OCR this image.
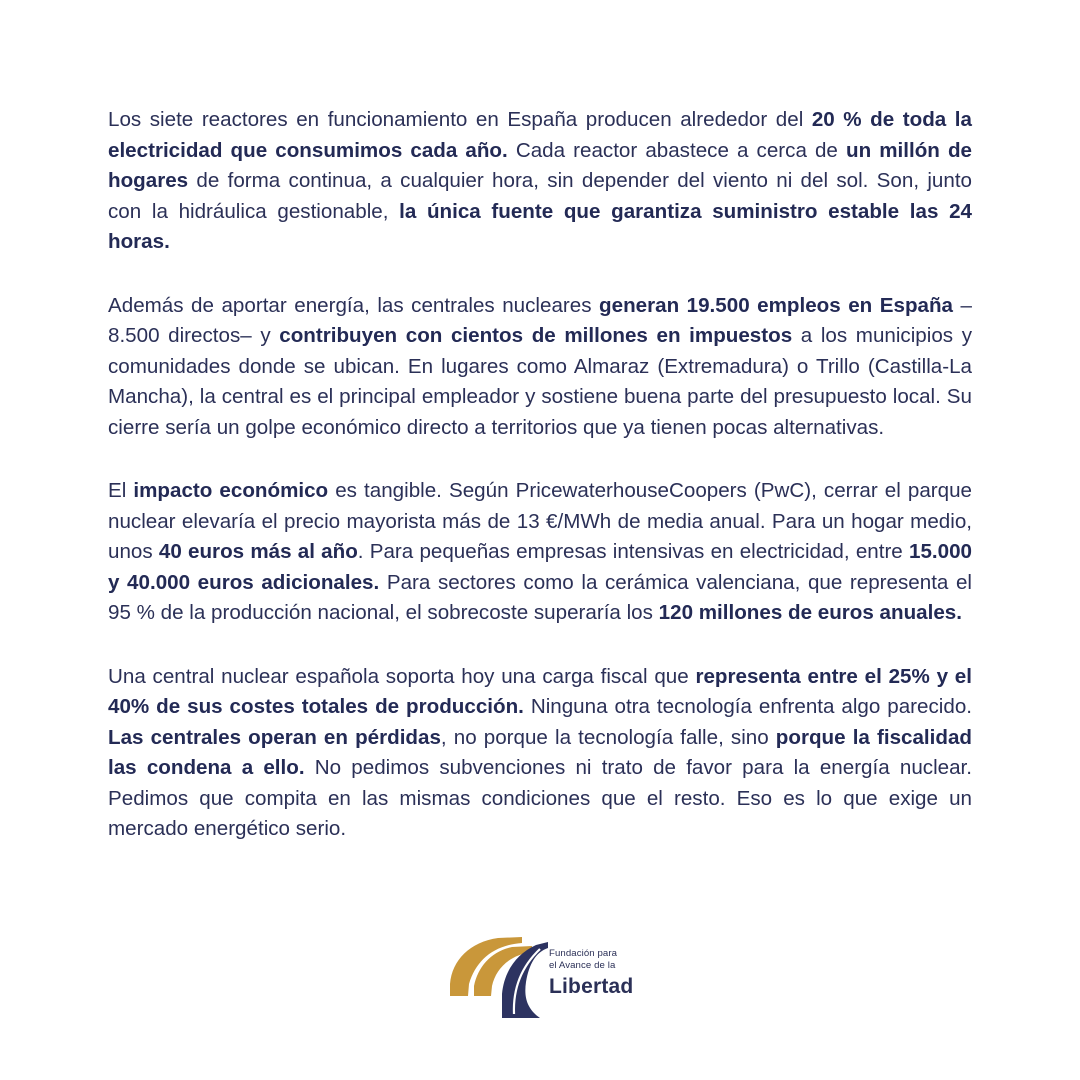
Los siete reactores en funcionamiento en España producen alrededor del 20 % de toda la electricidad que consumimos cada año. Cada reactor abastece a cerca de un millón de hogares de forma continua, a cualquier hora, sin depender del viento ni del sol. Son, junto con la hidráulica gestionable, la única fuente que garantiza suministro estable las 24 horas.

Además de aportar energía, las centrales nucleares generan 19.500 empleos en España –8.500 directos– y contribuyen con cientos de millones en impuestos a los municipios y comunidades donde se ubican. En lugares como Almaraz (Extremadura) o Trillo (Castilla-La Mancha), la central es el principal empleador y sostiene buena parte del presupuesto local. Su cierre sería un golpe económico directo a territorios que ya tienen pocas alternativas.

El impacto económico es tangible. Según PricewaterhouseCoopers (PwC), cerrar el parque nuclear elevaría el precio mayorista más de 13 €/MWh de media anual. Para un hogar medio, unos 40 euros más al año. Para pequeñas empresas intensivas en electricidad, entre 15.000 y 40.000 euros adicionales. Para sectores como la cerámica valenciana, que representa el 95 % de la producción nacional, el sobrecoste superaría los 120 millones de euros anuales.

Una central nuclear española soporta hoy una carga fiscal que representa entre el 25% y el 40% de sus costes totales de producción. Ninguna otra tecnología enfrenta algo parecido. Las centrales operan en pérdidas, no porque la tecnología falle, sino porque la fiscalidad las condena a ello. No pedimos subvenciones ni trato de favor para la energía nuclear. Pedimos que compita en las mismas condiciones que el resto. Eso es lo que exige un mercado energético serio.

Fundación para
el Avance de la
Libertad
